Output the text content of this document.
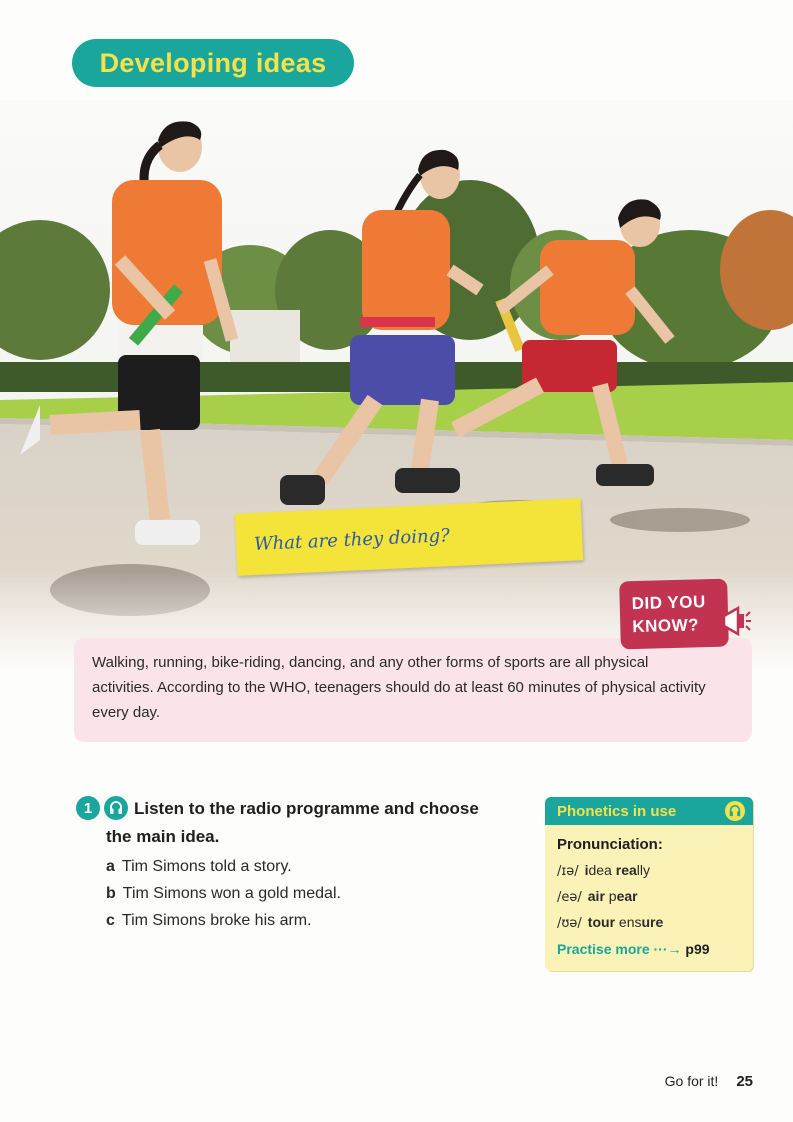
Developing ideas
What are they doing?
Walking, running, bike-riding, dancing, and any other forms of sports are all physical activities. According to the WHO, teenagers should do at least 60 minutes of physical activity every day.
DID YOU
KNOW?
1 Listen to the radio programme and choose
the main idea.
a Tim Simons told a story.
b Tim Simons won a gold medal.
c Tim Simons broke his arm.
Phonetics in use
Pronunciation:
/ɪə/ idea really
/eə/ air pear
/ʊə/ tour ensure
Practise more ···→ p99
Go for it! 25
